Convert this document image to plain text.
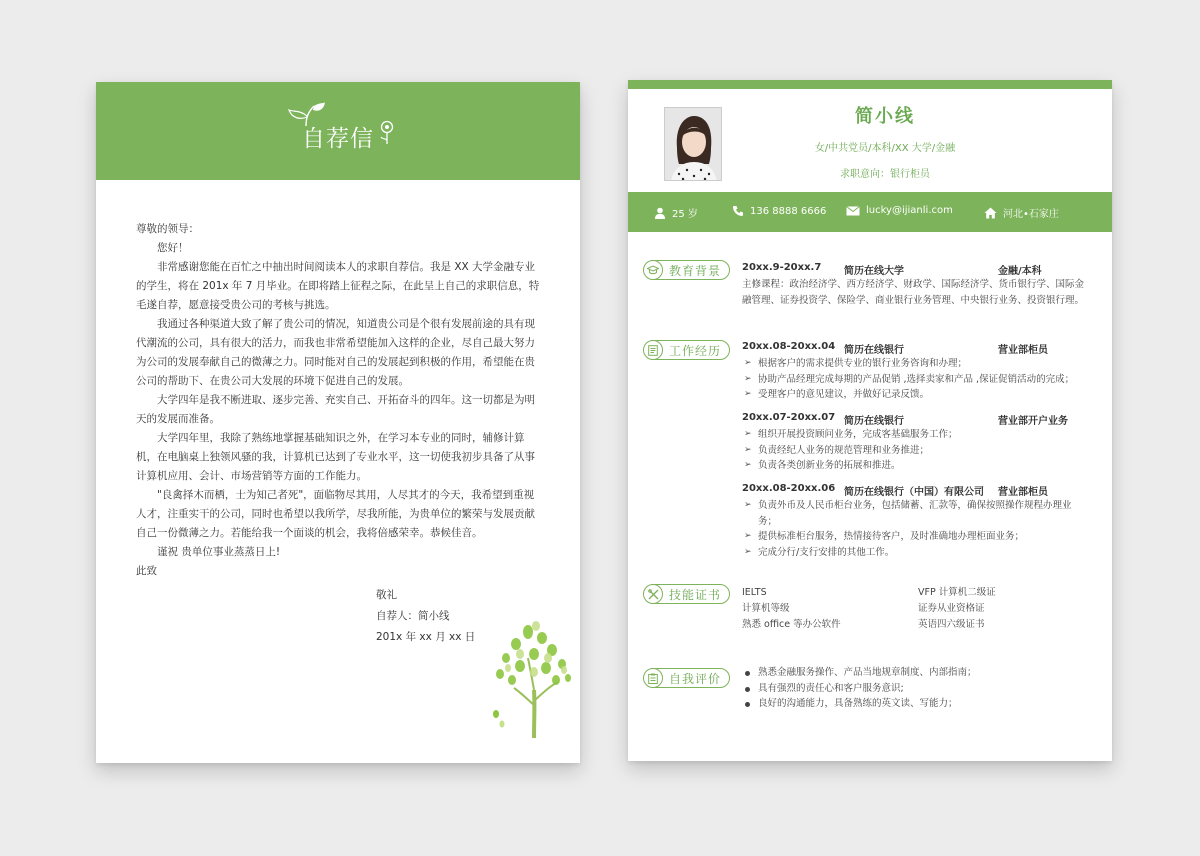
自荐信

尊敬的领导：

您好！

非常感谢您能在百忙之中抽出时间阅读本人的求职自荐信。我是 XX 大学金融专业的学生，将在 201x 年 7 月毕业。在即将踏上征程之际，在此呈上自己的求职信息，特毛遂自荐，愿意接受贵公司的考核与挑选。

我通过各种渠道大致了解了贵公司的情况，知道贵公司是个很有发展前途的具有现代潮流的公司，具有很大的活力，而我也非常希望能加入这样的企业，尽自己最大努力为公司的发展奉献自己的微薄之力。同时能对自己的发展起到积极的作用，希望能在贵公司的帮助下、在贵公司大发展的环境下促进自己的发展。

大学四年是我不断进取、逐步完善、充实自己、开拓奋斗的四年。这一切都是为明天的发展而准备。

大学四年里，我除了熟练地掌握基础知识之外，在学习本专业的同时，辅修计算机，在电脑桌上独领风骚的我，计算机已达到了专业水平，这一切使我初步具备了从事计算机应用、会计、市场营销等方面的工作能力。

"良禽择木而栖，士为知己者死"，面临物尽其用，人尽其才的今天，我希望到重视人才，注重实干的公司，同时也希望以我所学，尽我所能，为贵单位的繁荣与发展贡献自己一份微薄之力。若能给我一个面谈的机会，我将倍感荣幸。恭候佳音。

谨祝 贵单位事业蒸蒸日上!

此致

敬礼
自荐人：简小线
201x 年 xx 月 xx 日
简小线
女/中共党员/本科/XX 大学/金融
求职意向：银行柜员
25 岁	136 8888 6666	lucky@ijianli.com	河北•石家庄
教育背景 20xx.9-20xx.7 简历在线大学	金融/本科
主修课程：政治经济学、西方经济学、财政学、国际经济学、货币银行学、国际金融管理、证券投资学、保险学、商业银行业务管理、中央银行业务、投资银行理。
工作经历 20xx.08-20xx.04 简历在线银行	营业部柜员
➢ 根据客户的需求提供专业的银行业务咨询和办理；
➢ 协助产品经理完成每期的产品促销 ,选择卖家和产品 ,保证促销活动的完成；
➢ 受理客户的意见建议，并做好记录反馈。
20xx.07-20xx.07 简历在线银行	营业部开户业务
➢ 组织开展投资顾问业务，完成客基础服务工作；
➢ 负责经纪人业务的规范管理和业务推进；
➢ 负责各类创新业务的拓展和推进。
20xx.08-20xx.06 简历在线银行（中国）有限公司 营业部柜员
➢ 负责外币及人民币柜台业务，包括储蓄、汇款等，确保按照操作规程办理业务；
➢ 提供标准柜台服务，热情接待客户，及时准确地办理柜面业务；
➢ 完成分行/支行安排的其他工作。
技能证书 IELTS	VFP 计算机二级证
计算机等级	证券从业资格证
熟悉 office 等办公软件	英语四六级证书
自我评价	熟悉金融服务操作、产品当地规章制度、内部指南；
具有强烈的责任心和客户服务意识;
良好的沟通能力，具备熟练的英文读、写能力；
